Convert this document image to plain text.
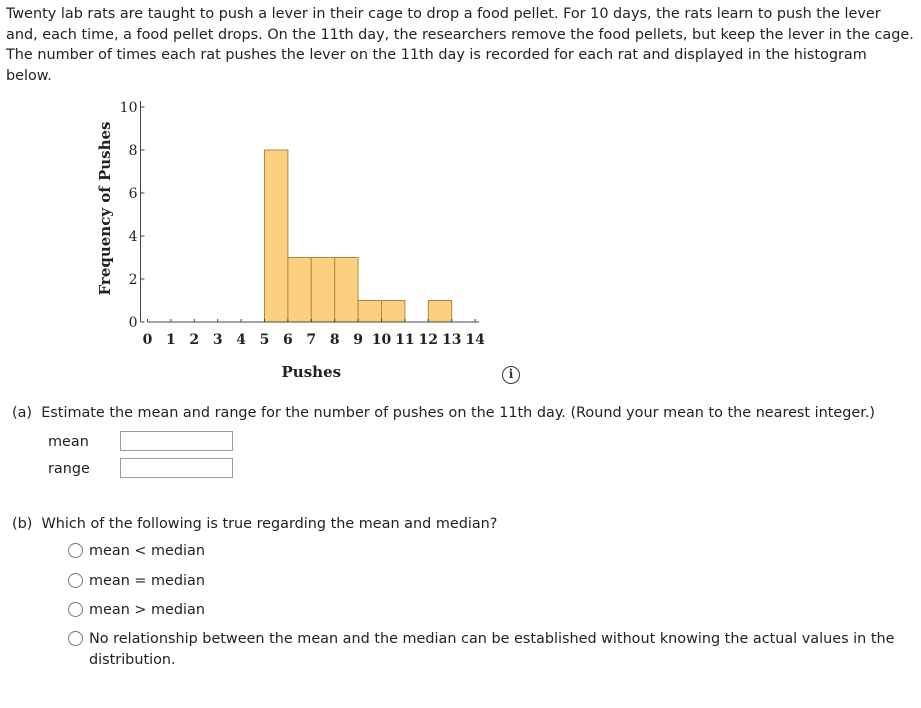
Twenty lab rats are taught to push a lever in their cage to drop a food pellet. For 10 days, the rats learn to push the lever and, each time, a food pellet drops. On the 11th day, the researchers remove the food pellets, but keep the lever in the cage. The number of times each rat pushes the lever on the 11th day is recorded for each rat and displayed in the histogram below.

0
2
4
6
8
10
0 1 2 3 4 5 6 7 8 9 10 11 12 13 14
Pushes
Frequency of Pushes
i
(a) Estimate the mean and range for the number of pushes on the 11th day. (Round your mean to the nearest integer.)
mean
range
(b) Which of the following is true regarding the mean and median?
mean < median
mean = median
mean > median
No relationship between the mean and the median can be established without knowing the actual values in the distribution.
